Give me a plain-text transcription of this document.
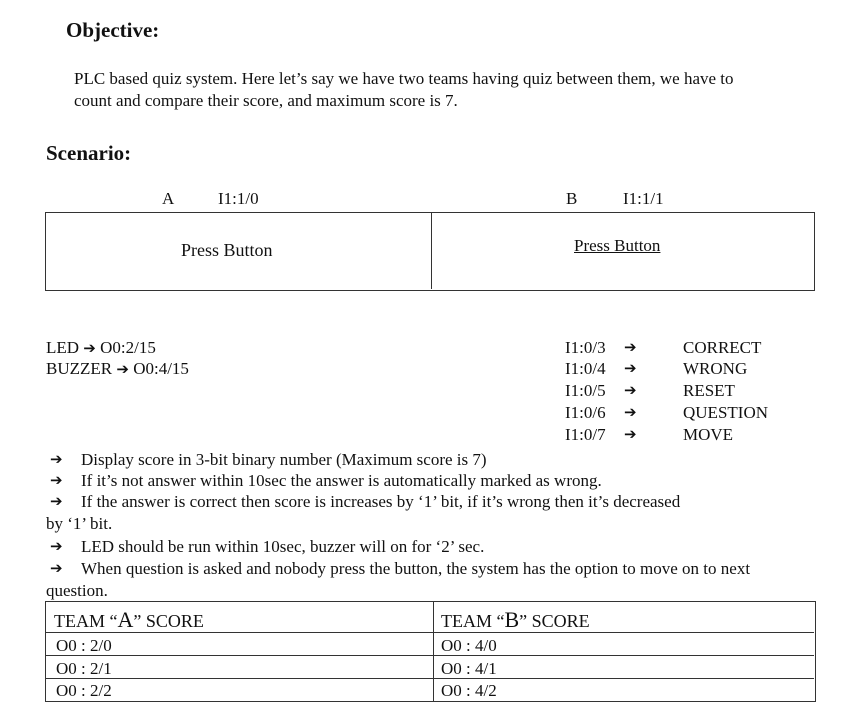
Objective:
PLC based quiz system. Here let’s say we have two teams having quiz between them, we have to
count and compare their score, and maximum score is 7.
Scenario:
A	I1:1/0	B	I1:1/1
Press Button	Press Button
LED ➔ O0:2/15
BUZZER ➔ O0:4/15
I1:0/3 ➔	CORRECT
I1:0/4 ➔	WRONG
I1:0/5 ➔	RESET
I1:0/6 ➔	QUESTION
I1:0/7 ➔	MOVE
➔ Display score in 3-bit binary number (Maximum score is 7)
➔ If it’s not answer within 10sec the answer is automatically marked as wrong.
➔ If the answer is correct then score is increases by ‘1’ bit, if it’s wrong then it’s decreased
by ‘1’ bit.
➔ LED should be run within 10sec, buzzer will on for ‘2’ sec.
➔ When question is asked and nobody press the button, the system has the option to move on to next
question.
TEAM “A” SCORE	TEAM “B” SCORE
O0 : 2/0	O0 : 4/0
O0 : 2/1	O0 : 4/1
O0 : 2/2	O0 : 4/2
